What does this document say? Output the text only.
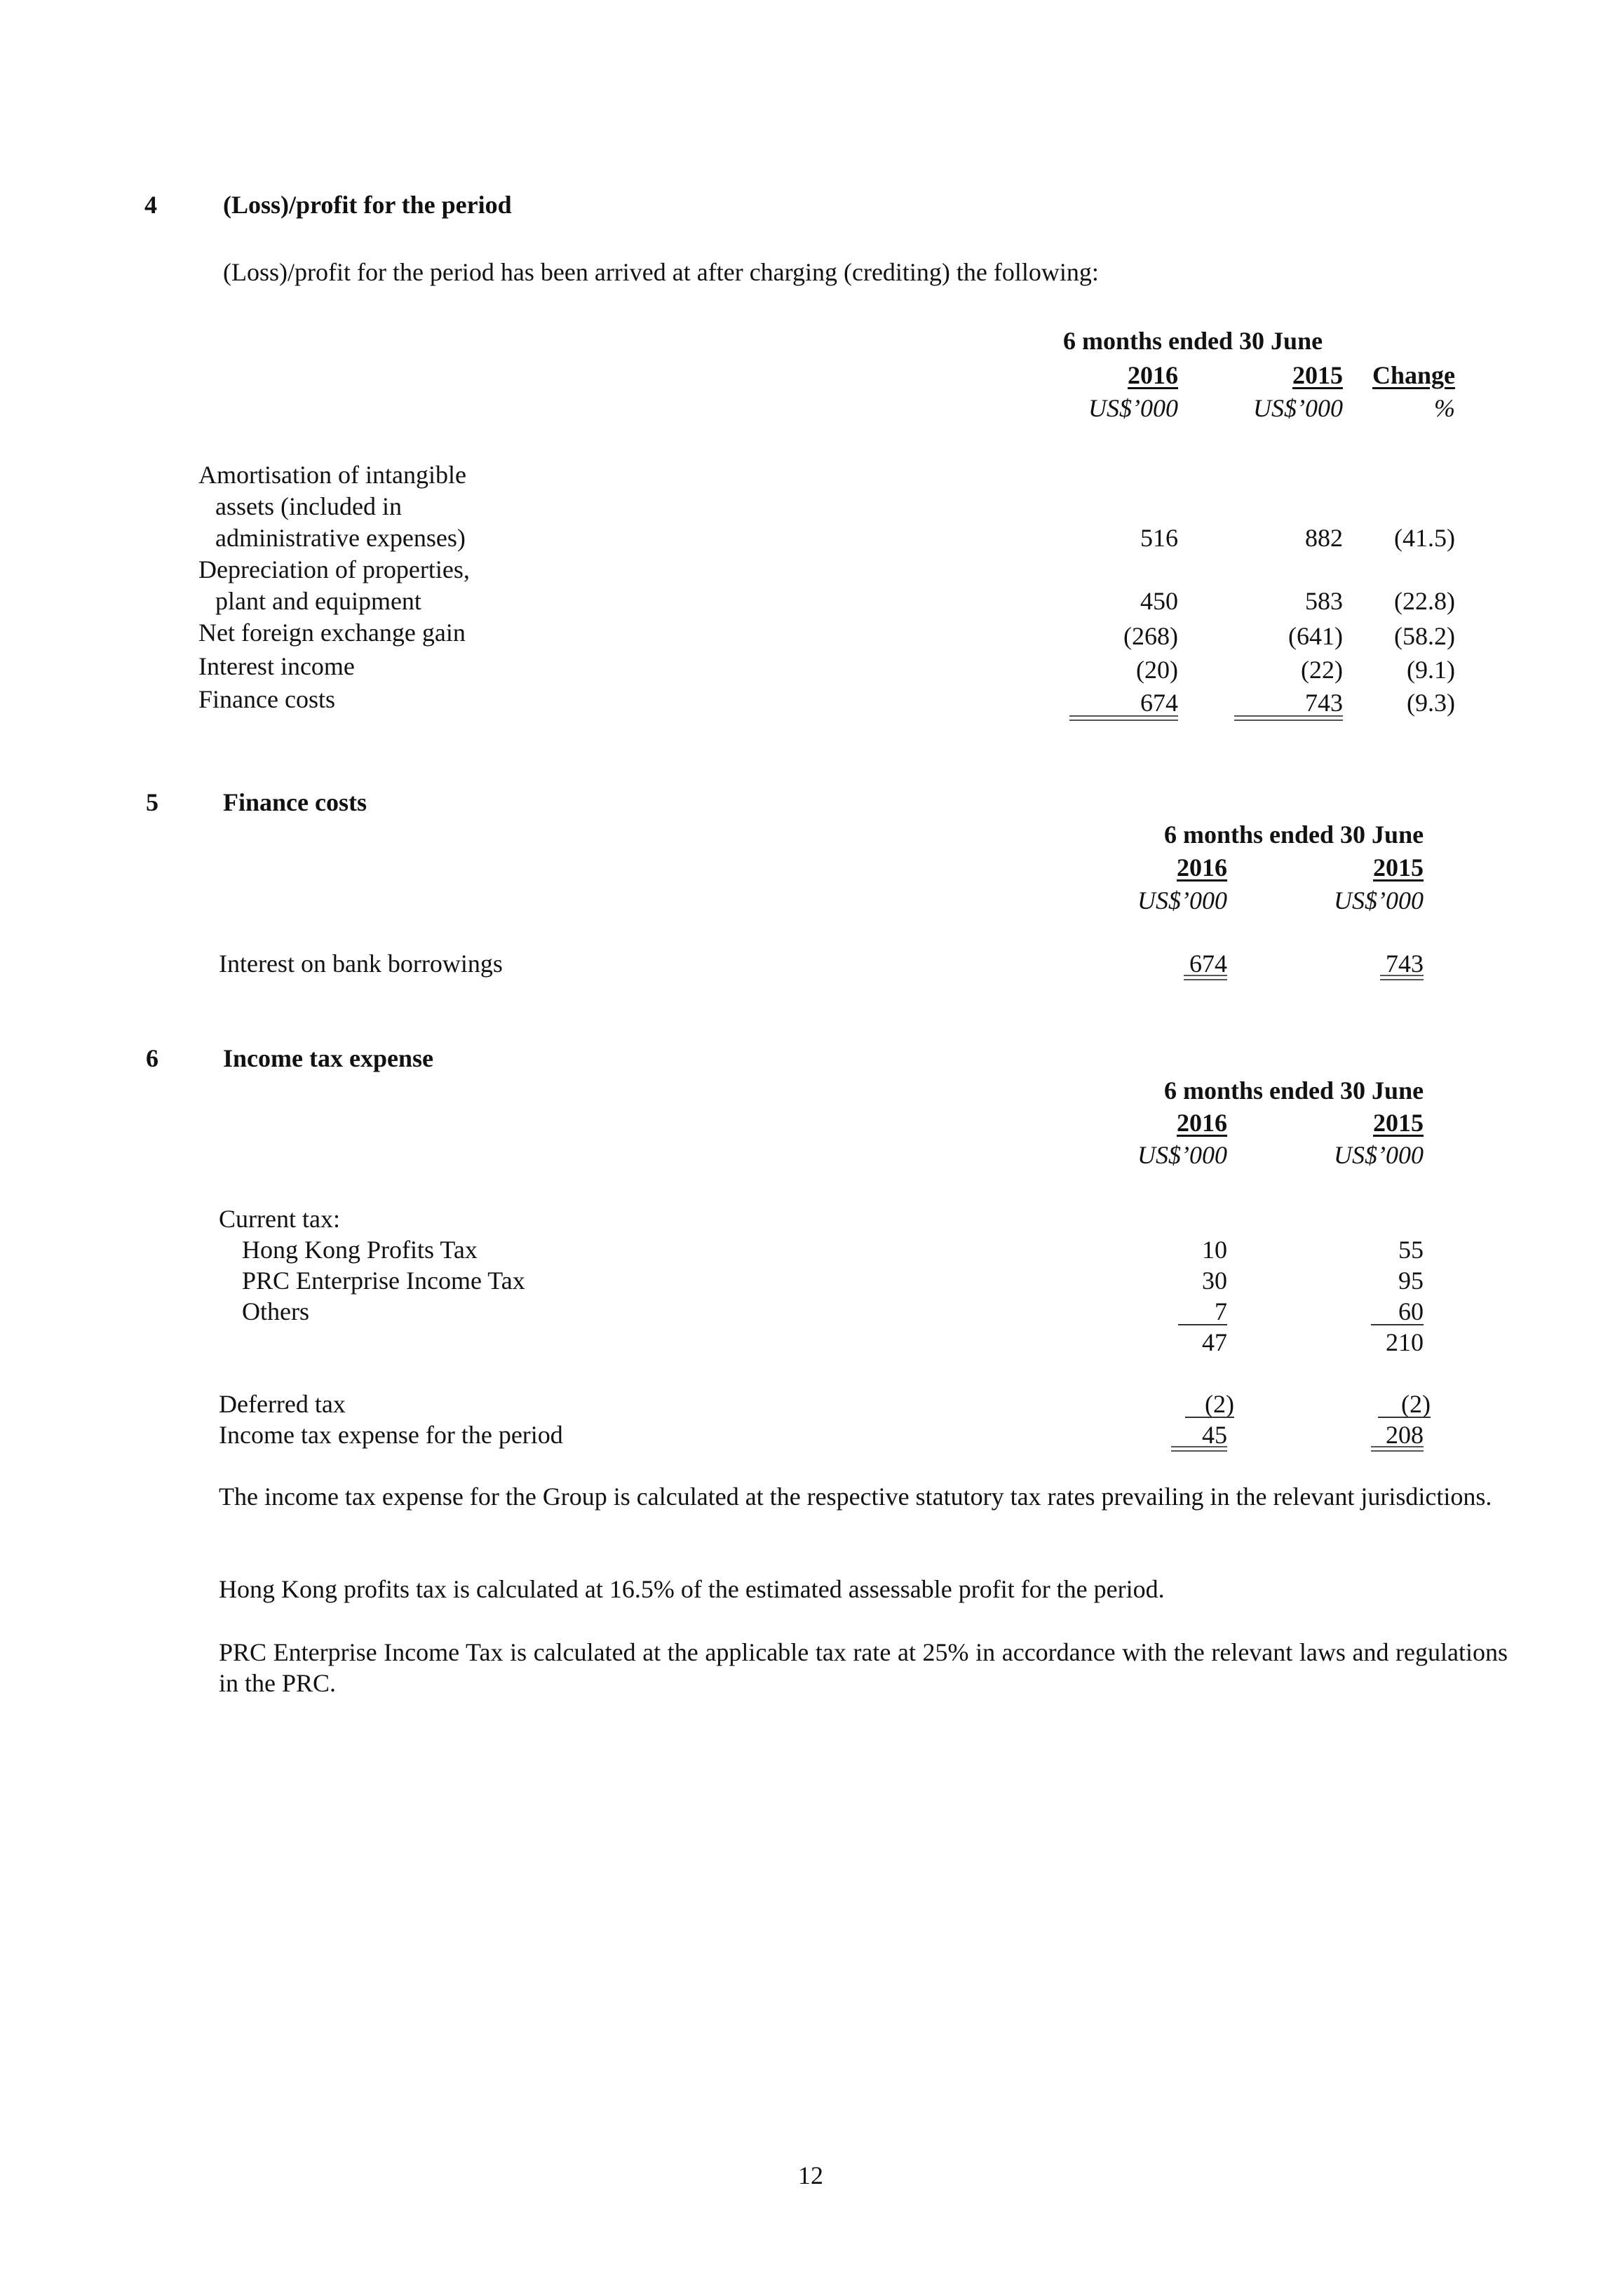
4	(Loss)/profit for the period
(Loss)/profit for the period has been arrived at after charging (crediting) the following:
6 months ended 30 June
2016	2015	Change
US$’000	US$’000	%
Amortisation of intangible
assets (included in
administrative expenses)	516	882	(41.5)
Depreciation of properties,
plant and equipment	450	583	(22.8)
Net foreign exchange gain	(268)	(641)	(58.2)
Interest income	(20)	(22)	(9.1)
Finance costs	674	743	(9.3)
5	Finance costs
6 months ended 30 June
2016	2015
US$’000	US$’000
Interest on bank borrowings	674	743
6	Income tax expense
6 months ended 30 June
2016	2015
US$’000	US$’000
Current tax:
Hong Kong Profits Tax	10	55
PRC Enterprise Income Tax	30	95
Others	7	60
47	210
Deferred tax	(2)	(2)
Income tax expense for the period	45	208
The income tax expense for the Group is calculated at the respective statutory tax rates prevailing in the relevant jurisdictions.
Hong Kong profits tax is calculated at 16.5% of the estimated assessable profit for the period.
PRC Enterprise Income Tax is calculated at the applicable tax rate at 25% in accordance with the relevant laws and regulations in the PRC.
12
